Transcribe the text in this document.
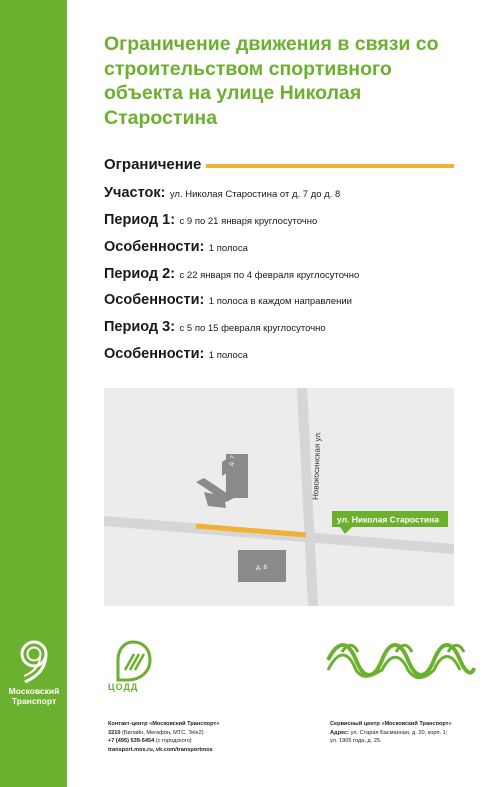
Московский Транспорт
Ограничение движения в связи со строительством спортивного объекта на улице Николая Старостина
Ограничение
Участок: ул. Николая Старостина от д. 7 до д. 8
Период 1: с 9 по 21 января круглосуточно
Особенности: 1 полоса
Период 2: с 22 января по 4 февраля круглосуточно
Особенности: 1 полоса в каждом направлении
Период 3: с 5 по 15 февраля круглосуточно
Особенности: 1 полоса
д. 7
д. 8
Новокосинская ул.
ул. Николая Старостина
ЦОДД
Контакт-центр «Московский Транспорт»
3210 (Билайн, Мегафон, МТС, Tele2)
+7 (495) 539-5454 (с городского)
transport.mos.ru, vk.com/transportmos
Сервисный центр «Московский Транспорт»
Адрес: ул. Старая Басманная, д. 20, корп. 1;
ул. 1905 года, д. 25.
